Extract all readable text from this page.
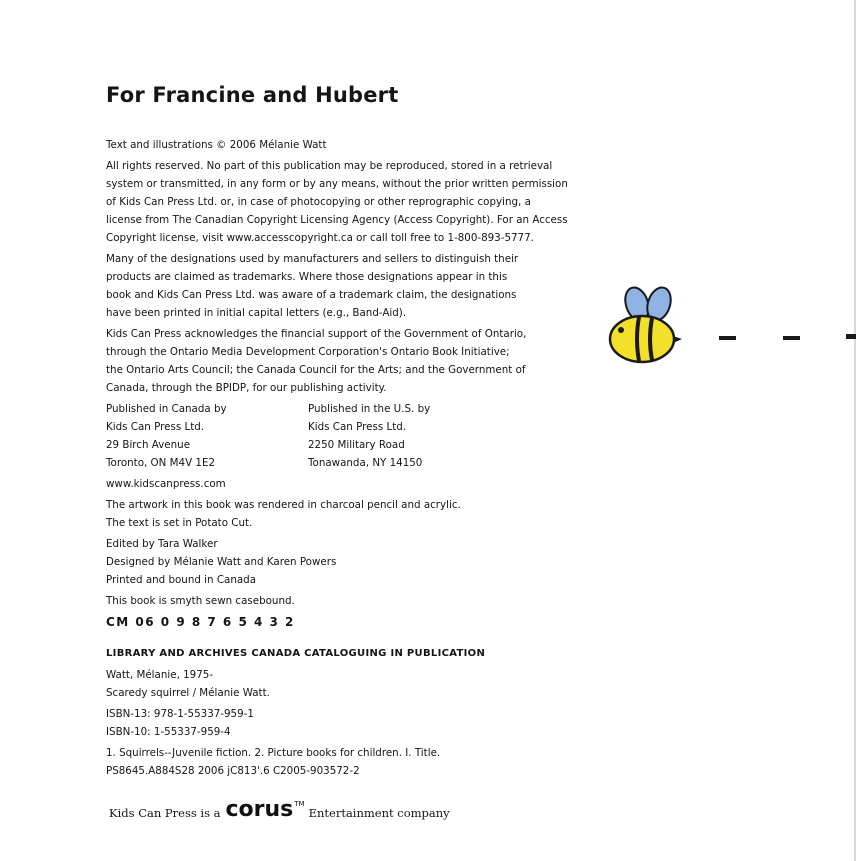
For Francine and Hubert

Text and illustrations © 2006 Mélanie Watt

All rights reserved. No part of this publication may be reproduced, stored in a retrieval
system or transmitted, in any form or by any means, without the prior written permission
of Kids Can Press Ltd. or, in case of photocopying or other reprographic copying, a
license from The Canadian Copyright Licensing Agency (Access Copyright). For an Access
Copyright license, visit www.accesscopyright.ca or call toll free to 1-800-893-5777.

Many of the designations used by manufacturers and sellers to distinguish their
products are claimed as trademarks. Where those designations appear in this
book and Kids Can Press Ltd. was aware of a trademark claim, the designations
have been printed in initial capital letters (e.g., Band-Aid).

Kids Can Press acknowledges the financial support of the Government of Ontario,
through the Ontario Media Development Corporation's Ontario Book Initiative;
the Ontario Arts Council; the Canada Council for the Arts; and the Government of
Canada, through the BPIDP, for our publishing activity.

Published in Canada by
Kids Can Press Ltd.
29 Birch Avenue
Toronto, ON M4V 1E2
Published in the U.S. by
Kids Can Press Ltd.
2250 Military Road
Tonawanda, NY 14150

www.kidscanpress.com

The artwork in this book was rendered in charcoal pencil and acrylic.
The text is set in Potato Cut.

Edited by Tara Walker
Designed by Mélanie Watt and Karen Powers
Printed and bound in Canada

This book is smyth sewn casebound.

CM 06 0 9 8 7 6 5 4 3 2

LIBRARY AND ARCHIVES CANADA CATALOGUING IN PUBLICATION

Watt, Mélanie, 1975-
Scaredy squirrel / Mélanie Watt.

ISBN-13: 978-1-55337-959-1
ISBN-10: 1-55337-959-4

1. Squirrels--Juvenile fiction. 2. Picture books for children. I. Title.
PS8645.A884S28 2006 jC813'.6 C2005-903572-2

Kids Can Press is a corus TM
Entertainment company
